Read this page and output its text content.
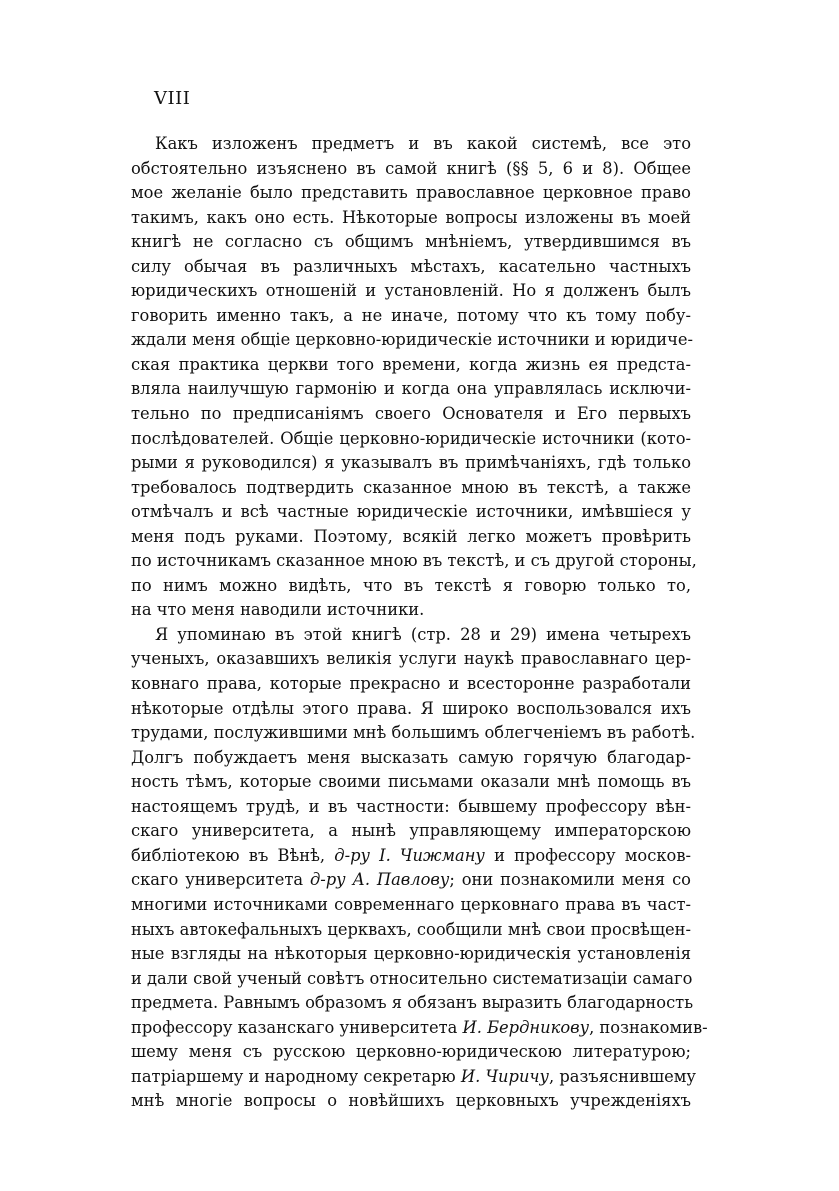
VIII
Какъ изложенъ предметъ и въ какой системѣ, все это
обстоятельно изъяснено въ самой книгѣ (§§ 5, 6 и 8). Общее
мое желаніе было представить православное церковное право
такимъ, какъ оно есть. Нѣкоторые вопросы изложены въ моей
книгѣ не согласно съ общимъ мнѣніемъ, утвердившимся въ
силу обычая въ различныхъ мѣстахъ, касательно частныхъ
юридическихъ отношеній и установленій. Но я долженъ былъ
говорить именно такъ, а не иначе, потому что къ тому побу-
ждали меня общіе церковно-юридическіе источники и юридиче-
ская практика церкви того времени, когда жизнь ея предста-
вляла наилучшую гармонію и когда она управлялась исключи-
тельно по предписаніямъ своего Основателя и Его первыхъ
послѣдователей. Общіе церковно-юридическіе источники (кото-
рыми я руководился) я указывалъ въ примѣчаніяхъ, гдѣ только
требовалось подтвердить сказанное мною въ текстѣ, а также
отмѣчалъ и всѣ частные юридическіе источники, имѣвшіеся у
меня подъ руками. Поэтому, всякій легко можетъ провѣрить
по источникамъ сказанное мною въ текстѣ, и съ другой стороны,
по нимъ можно видѣть, что въ текстѣ я говорю только то,
на что меня наводили источники.
Я упоминаю въ этой книгѣ (стр. 28 и 29) имена четырехъ
ученыхъ, оказавшихъ великія услуги наукѣ православнаго цер-
ковнаго права, которые прекрасно и всесторонне разработали
нѣкоторые отдѣлы этого права. Я широко воспользовался ихъ
трудами, послужившими мнѣ большимъ облегченіемъ въ работѣ.
Долгъ побуждаетъ меня высказать самую горячую благодар-
ность тѣмъ, которые своими письмами оказали мнѣ помощь въ
настоящемъ трудѣ, и въ частности: бывшему профессору вѣн-
скаго университета, а нынѣ управляющему императорскою
библіотекою въ Вѣнѣ, д-ру І. Чижману и профессору москов-
скаго университета д-ру А. Павлову; они познакомили меня со
многими источниками современнаго церковнаго права въ част-
ныхъ автокефальныхъ церквахъ, сообщили мнѣ свои просвѣщен-
ные взгляды на нѣкоторыя церковно-юридическія установленія
и дали свой ученый совѣтъ относительно систематизаціи самаго
предмета. Равнымъ образомъ я обязанъ выразить благодарность
профессору казанскаго университета И. Бердникову, познакомив-
шему меня съ русскою церковно-юридическою литературою;
патріаршему и народному секретарю И. Чиричу, разъяснившему
мнѣ многіе вопросы о новѣйшихъ церковныхъ учрежденіяхъ
